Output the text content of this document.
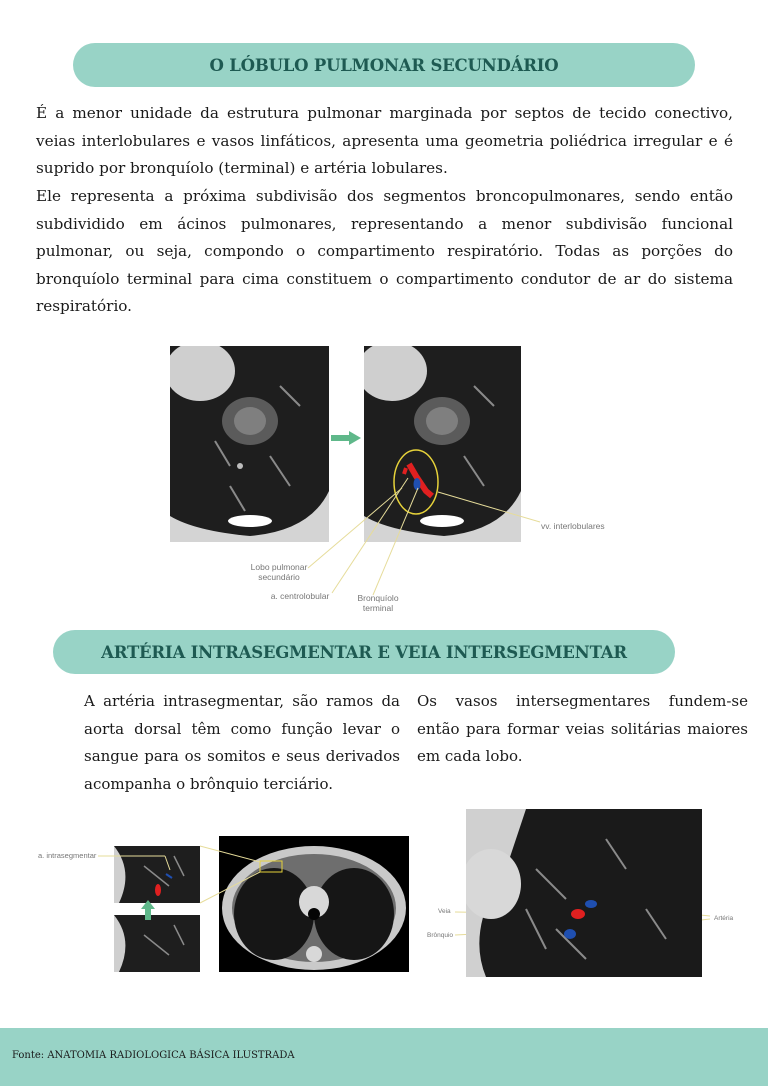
O LÓBULO PULMONAR SECUNDÁRIO

É a menor unidade da estrutura pulmonar marginada por septos de tecido conectivo, veias interlobulares e vasos linfáticos, apresenta uma geometria poliédrica irregular e é suprido por bronquíolo (terminal) e artéria lobulares.

Ele representa a próxima subdivisão dos segmentos broncopulmonares, sendo então subdividido em ácinos pulmonares, representando a menor subdivisão funcional pulmonar, ou seja, compondo o compartimento respiratório. Todas as porções do bronquíolo terminal para cima constituem o compartimento condutor de ar do sistema respiratório.

Lobo pulmonar secundário
a. centrolobular	Bronquíolo terminal
vv. interlobulares
ARTÉRIA INTRASEGMENTAR E VEIA INTERSEGMENTAR

A artéria intrasegmentar, são ramos da aorta dorsal têm como função levar o sangue para os somitos e seus derivados acompanha o brônquio terciário.

Os vasos intersegmentares fundem-se então para formar veias solitárias maiores em cada lobo.

a. intrasegmentar
Veia
Brônquio
Artéria
Fonte: ANATOMIA RADIOLOGICA BÁSICA ILUSTRADA
